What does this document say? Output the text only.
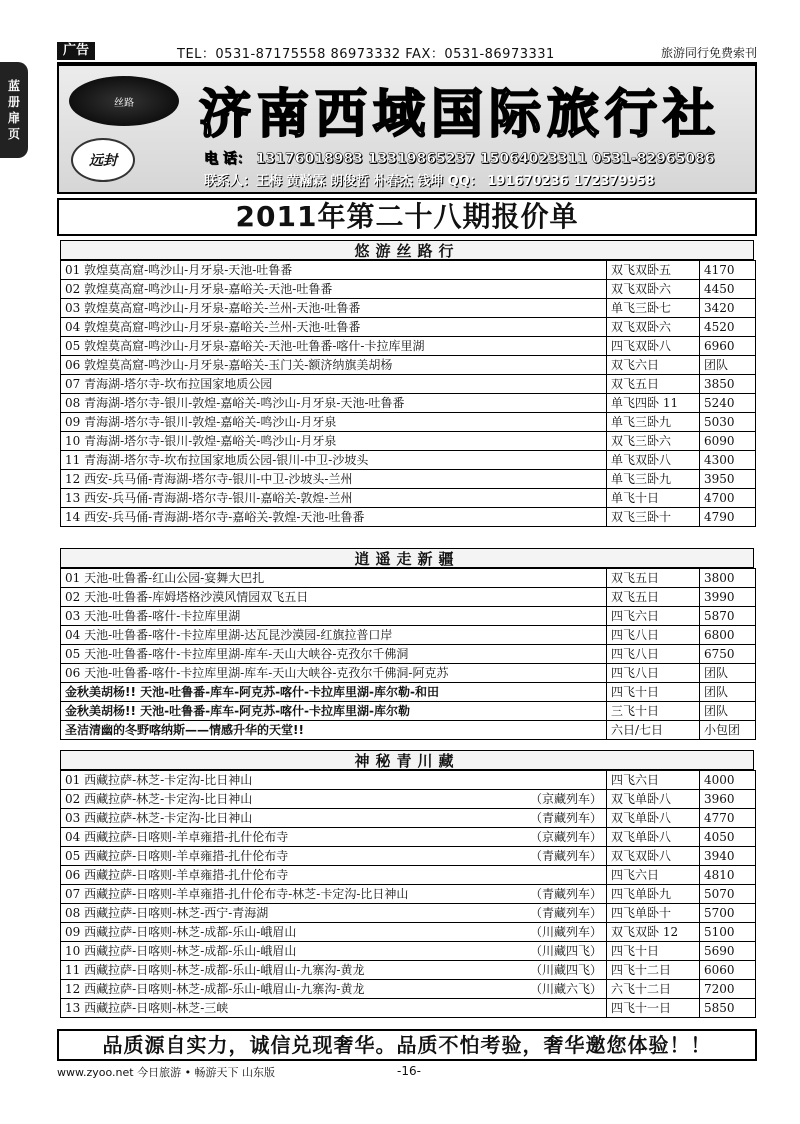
蓝册扉页
广告	TEL：0531-87175558 86973332 FAX：0531-86973331	旅游同行免费索刊
丝路
远封
济南西域国际旅行社
电 话： 13176018983 13319865237 15064023311 0531-82965086
联系人：王梅 黄瀚霖 朗俊哲 朴春杰 钱坤 QQ： 191670236 172379958
2011年第二十八期报价单
悠游丝路行
01 敦煌莫高窟-鸣沙山-月牙泉-天池-吐鲁番	双飞双卧五	4170
02 敦煌莫高窟-鸣沙山-月牙泉-嘉峪关-天池-吐鲁番	双飞双卧六	4450
03 敦煌莫高窟-鸣沙山-月牙泉-嘉峪关-兰州-天池-吐鲁番	单飞三卧七	3420
04 敦煌莫高窟-鸣沙山-月牙泉-嘉峪关-兰州-天池-吐鲁番	双飞双卧六	4520
05 敦煌莫高窟-鸣沙山-月牙泉-嘉峪关-天池-吐鲁番-喀什-卡拉库里湖	四飞双卧八	6960
06 敦煌莫高窟-鸣沙山-月牙泉-嘉峪关-玉门关-额济纳旗美胡杨	双飞六日	团队
07 青海湖-塔尔寺-坎布拉国家地质公园	双飞五日	3850
08 青海湖-塔尔寺-银川-敦煌-嘉峪关-鸣沙山-月牙泉-天池-吐鲁番	单飞四卧 11	5240
09 青海湖-塔尔寺-银川-敦煌-嘉峪关-鸣沙山-月牙泉	单飞三卧九	5030
10 青海湖-塔尔寺-银川-敦煌-嘉峪关-鸣沙山-月牙泉	双飞三卧六	6090
11 青海湖-塔尔寺-坎布拉国家地质公园-银川-中卫-沙坡头	单飞双卧八	4300
12 西安-兵马俑-青海湖-塔尔寺-银川-中卫-沙坡头-兰州	单飞三卧九	3950
13 西安-兵马俑-青海湖-塔尔寺-银川-嘉峪关-敦煌-兰州	单飞十日	4700
14 西安-兵马俑-青海湖-塔尔寺-嘉峪关-敦煌-天池-吐鲁番	双飞三卧十	4790
逍遥走新疆
01 天池-吐鲁番-红山公园-宴舞大巴扎	双飞五日	3800
02 天池-吐鲁番-库姆塔格沙漠风情园双飞五日	双飞五日	3990
03 天池-吐鲁番-喀什-卡拉库里湖	四飞六日	5870
04 天池-吐鲁番-喀什-卡拉库里湖-达瓦昆沙漠园-红旗拉普口岸	四飞八日	6800
05 天池-吐鲁番-喀什-卡拉库里湖-库车-天山大峡谷-克孜尔千佛洞	四飞八日	6750
06 天池-吐鲁番-喀什-卡拉库里湖-库车-天山大峡谷-克孜尔千佛洞-阿克苏	四飞八日	团队
金秋美胡杨!! 天池-吐鲁番-库车-阿克苏-喀什-卡拉库里湖-库尔勒-和田	四飞十日	团队
金秋美胡杨!! 天池-吐鲁番-库车-阿克苏-喀什-卡拉库里湖-库尔勒	三飞十日	团队
圣洁清幽的冬野喀纳斯——情感升华的天堂!!	六日/七日	小包团
神秘青川藏
01 西藏拉萨-林芝-卡定沟-比日神山	四飞六日	4000
02 西藏拉萨-林芝-卡定沟-比日神山 （京藏列车）	双飞单卧八	3960
03 西藏拉萨-林芝-卡定沟-比日神山 （青藏列车）	双飞单卧八	4770
04 西藏拉萨-日喀则-羊卓雍措-扎什伦布寺 （京藏列车）	双飞单卧八	4050
05 西藏拉萨-日喀则-羊卓雍措-扎什伦布寺 （青藏列车）	双飞双卧八	3940
06 西藏拉萨-日喀则-羊卓雍措-扎什伦布寺	四飞六日	4810
07 西藏拉萨-日喀则-羊卓雍措-扎什伦布寺-林芝-卡定沟-比日神山 （青藏列车）	四飞单卧九	5070
08 西藏拉萨-日喀则-林芝-西宁-青海湖 （青藏列车）	四飞单卧十	5700
09 西藏拉萨-日喀则-林芝-成都-乐山-峨眉山 （川藏列车）	双飞双卧 12	5100
10 西藏拉萨-日喀则-林芝-成都-乐山-峨眉山 （川藏四飞）	四飞十日	5690
11 西藏拉萨-日喀则-林芝-成都-乐山-峨眉山-九寨沟-黄龙 （川藏四飞）	四飞十二日	6060
12 西藏拉萨-日喀则-林芝-成都-乐山-峨眉山-九寨沟-黄龙 （川藏六飞）	六飞十二日	7200
13 西藏拉萨-日喀则-林芝-三峡	四飞十一日	5850
品质源自实力，诚信兑现奢华。品质不怕考验，奢华邀您体验！！
www.zyoo.net 今日旅游 • 畅游天下 山东版	-16-
